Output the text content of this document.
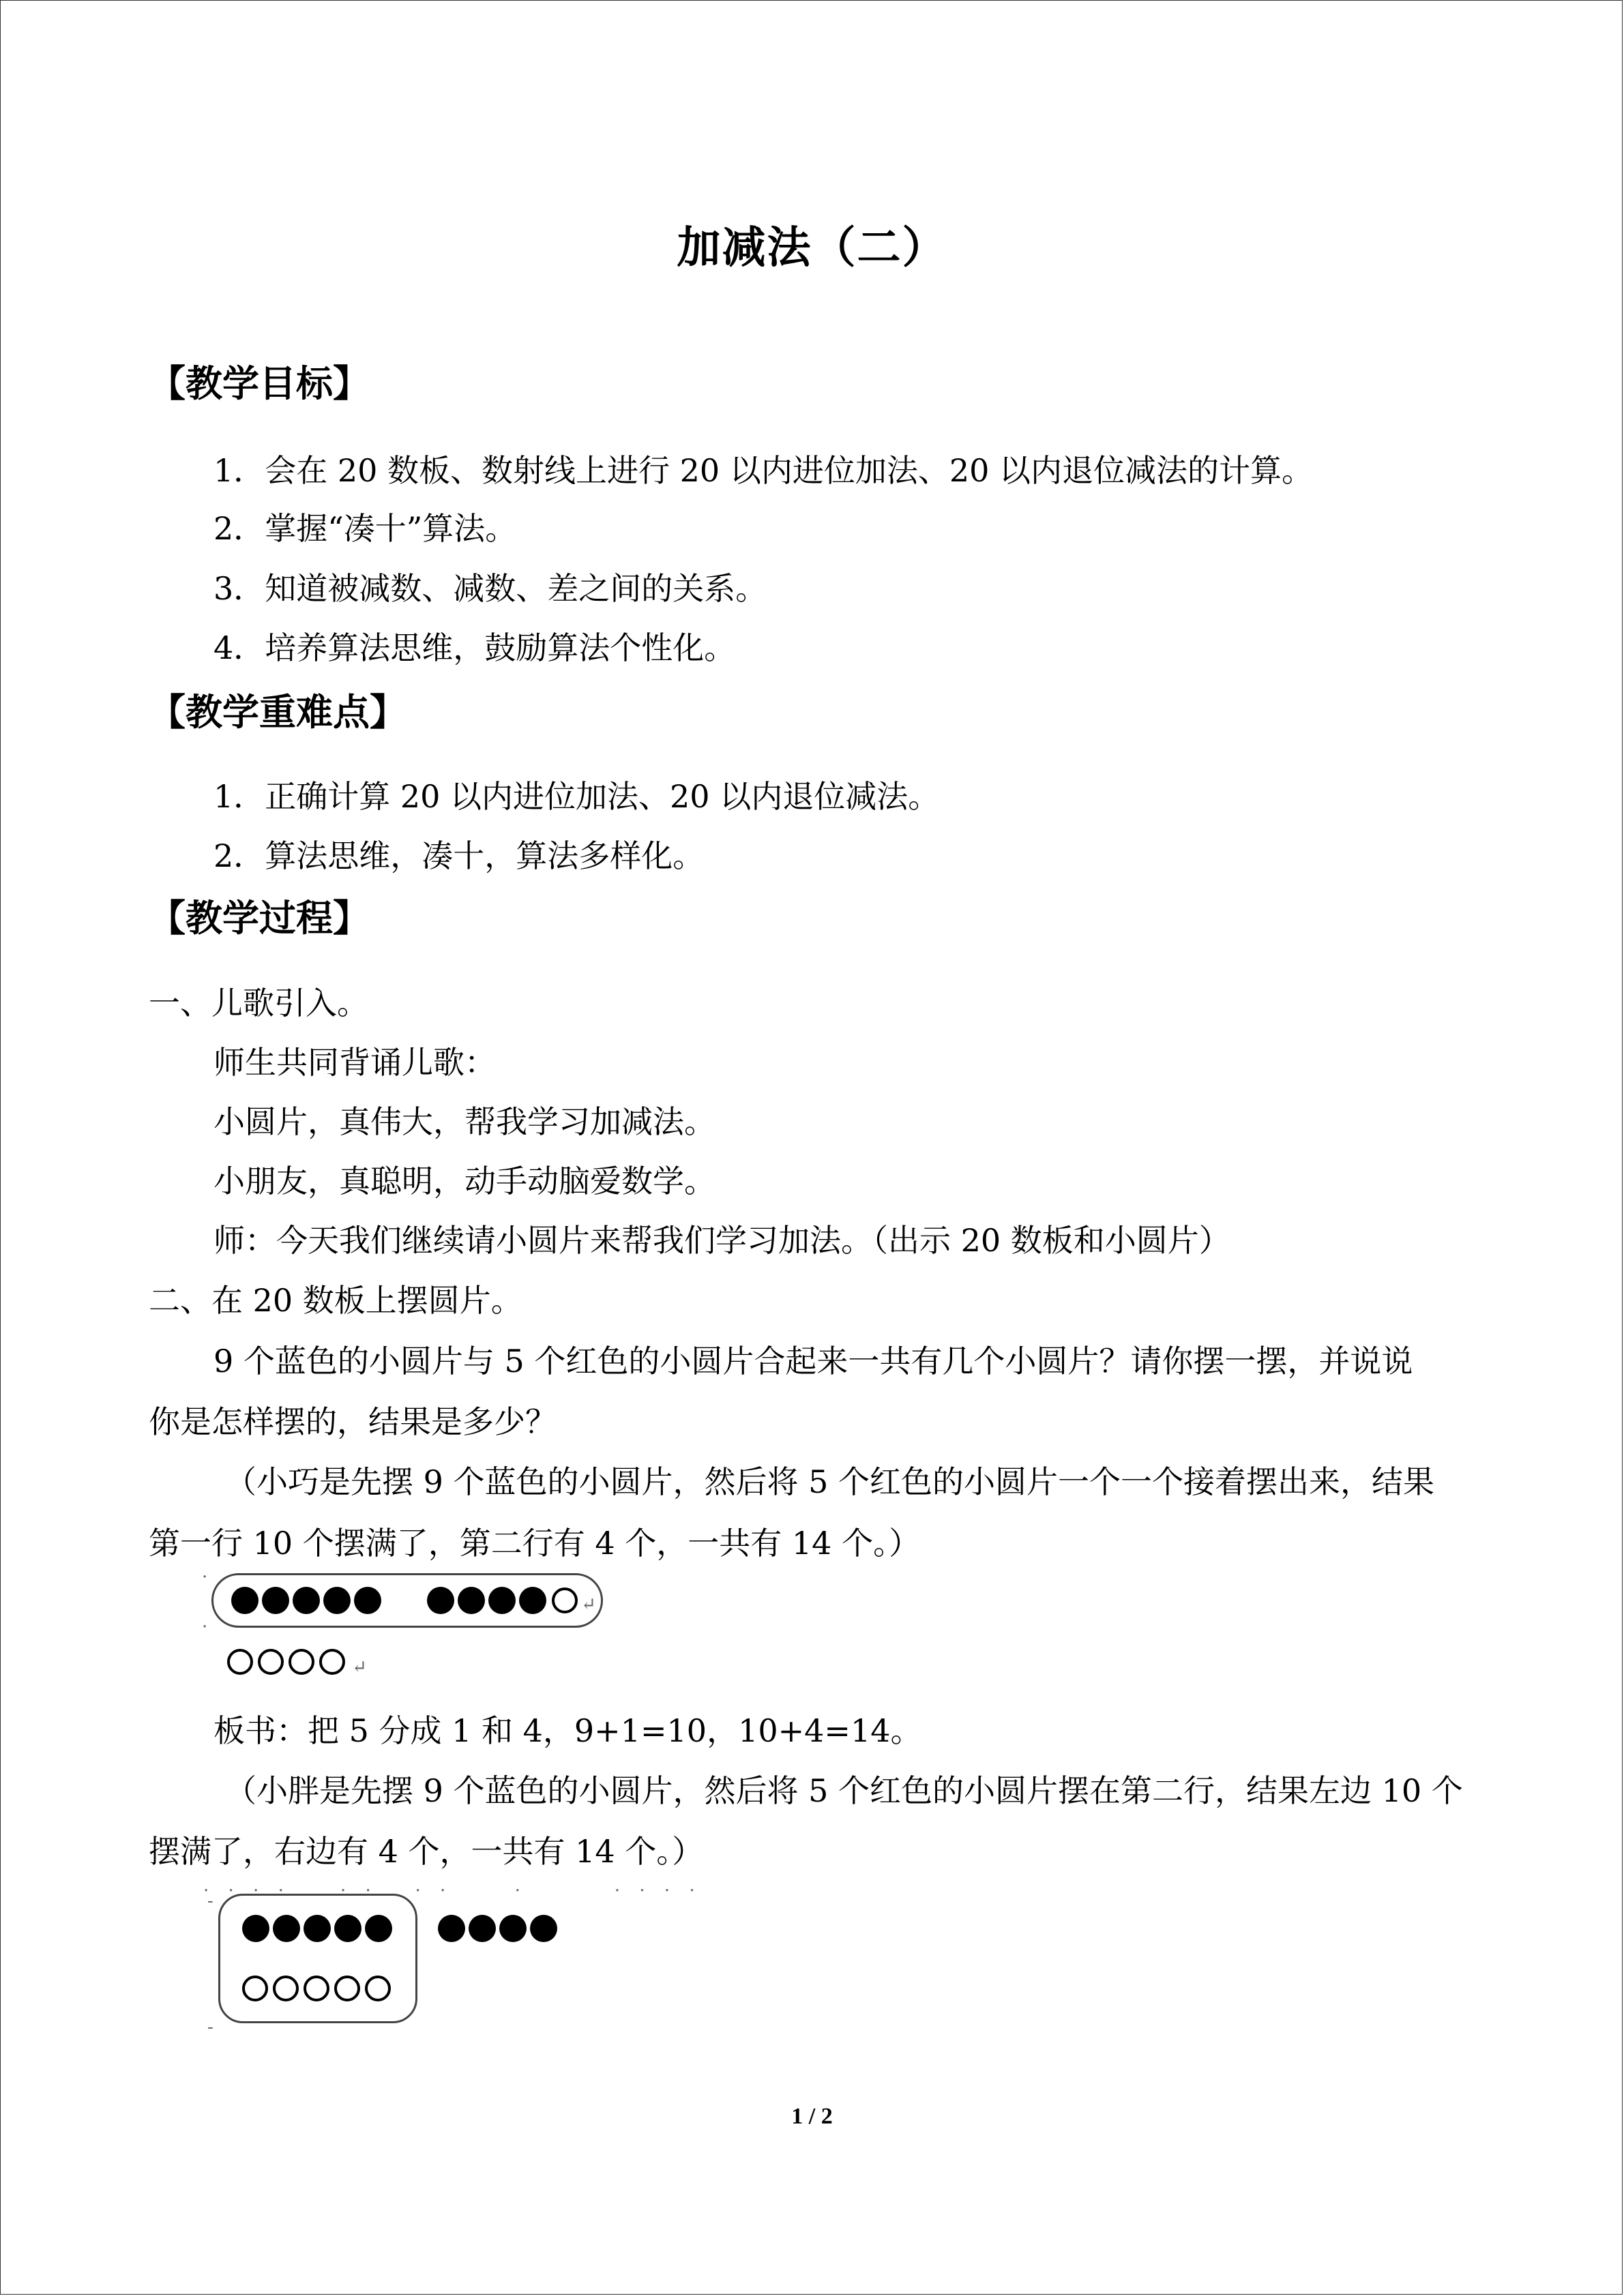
加减法（二）
【教学目标】
1．会在 20 数板、数射线上进行 20 以内进位加法、20 以内退位减法的计算。
2．掌握“凑十”算法。
3．知道被减数、减数、差之间的关系。
4．培养算法思维，鼓励算法个性化。
【教学重难点】
1．正确计算 20 以内进位加法、20 以内退位减法。
2．算法思维，凑十，算法多样化。
【教学过程】
一、儿歌引入。
师生共同背诵儿歌：
小圆片，真伟大，帮我学习加减法。
小朋友，真聪明，动手动脑爱数学。
师：今天我们继续请小圆片来帮我们学习加法。（出示 20 数板和小圆片）
二、在 20 数板上摆圆片。
9 个蓝色的小圆片与 5 个红色的小圆片合起来一共有几个小圆片？请你摆一摆，并说说
你是怎样摆的，结果是多少？
（小巧是先摆 9 个蓝色的小圆片，然后将 5 个红色的小圆片一个一个接着摆出来，结果
第一行 10 个摆满了，第二行有 4 个，一共有 14 个。）
·
·
↵
↵
板书：把 5 分成 1 和 4，9+1=10，10+4=14。
（小胖是先摆 9 个蓝色的小圆片，然后将 5 个红色的小圆片摆在第二行，结果左边 10 个
摆满了，右边有 4 个，一共有 14 个。）
. . . .    . .   . .     .       . . . .
-
-
1 / 2
